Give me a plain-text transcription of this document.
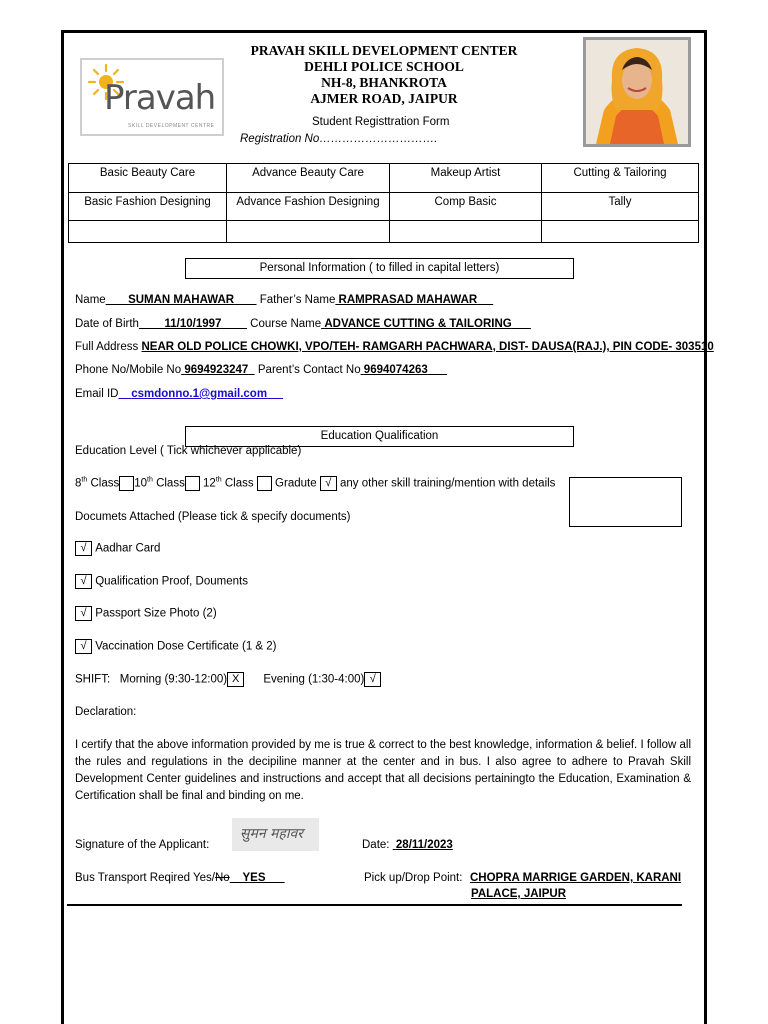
Pravah
SKILL DEVELOPMENT CENTRE
PRAVAH SKILL DEVELOPMENT CENTER
DEHLI POLICE SCHOOL
NH-8, BHANKROTA
AJMER ROAD, JAIPUR
Student Registtration Form
Registration No………………………….
Basic Beauty Care	Advance Beauty Care	Makeup Artist	Cutting & Tailoring
Basic Fashion Designing	Advance Fashion Designing	Comp Basic	Tally

Personal Information ( to filled in capital letters)
Name SUMAN MAHAWAR Father’s Name RAMPRASAD MAHAWAR
Date of Birth 11/10/1997	Course Name ADVANCE CUTTING & TAILORING
Full Address NEAR OLD POLICE CHOWKI, VPO/TEH- RAMGARH PACHWARA, DIST- DAUSA(RAJ.), PIN CODE- 303510
Phone No/Mobile No 9694923247 Parent’s Contact No 9694074263    _
Email ID csmdonno.1@gmail.com   _
Education Qualification
Education Level ( Tick whichever applicable)
8th Class 10th Class 12th Class Gradute √ any other skill training/mention with details
Documets Attached (Please tick & specify documents)
√ Aadhar Card
√ Qualification Proof, Douments
√ Passport Size Photo (2)
√ Vaccination Dose Certificate (1 & 2)
SHIFT: Morning (9:30-12:00) X Evening (1:30-4:00) √
Declaration:
I certify that the above information provided by me is true & correct to the best knowledge, information & belief. I follow all the rules and regulations in the decipiline manner at the center and in bus. I also agree to adhere to Pravah Skill Development Center guidelines and instructions and accept that all decisions pertainingto the Education, Examination & Certification shall be final and binding on me.
Signature of the Applicant:
सुमन महावर
Date: 28/11/2023
Bus Transport Reqired Yes/No YES	Pick up/Drop Point: CHOPRA MARRIGE GARDEN, KARANI
PALACE, JAIPUR
